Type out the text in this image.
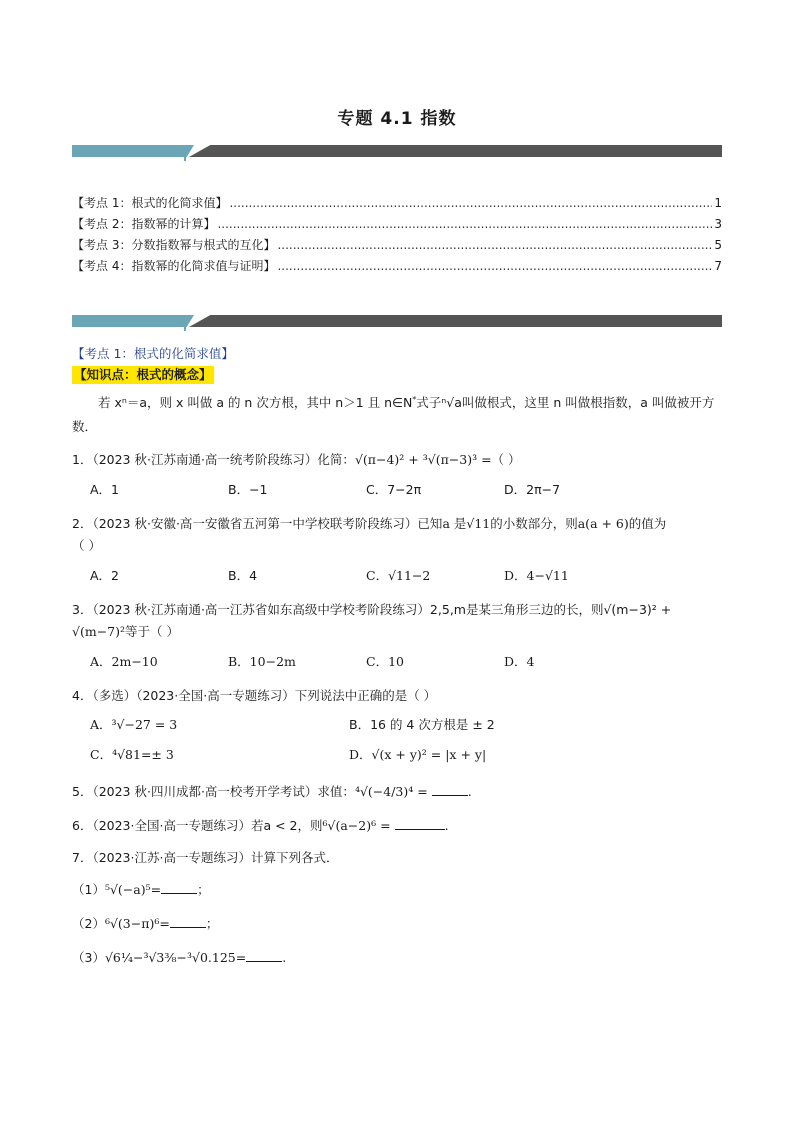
专题 4.1 指数
【考点 1：根式的化简求值】 .....	1
【考点 2：指数幂的计算】 .....	3
【考点 3：分数指数幂与根式的互化】 .....	5
【考点 4：指数幂的化简求值与证明】 .....	7
【考点 1：根式的化简求值】
【知识点：根式的概念】
若 xⁿ＝a，则 x 叫做 a 的 n 次方根，其中 n＞1 且 n∈N*式子ⁿ√a叫做根式，这里 n 叫做根指数，a 叫做被开方数．
1．（2023 秋·江苏南通·高一统考阶段练习）化简：√(π−4)² + ³√(π−3)³ =（ ）
A．1	B．−1	C．7−2π	D．2π−7
2．（2023 秋·安徽·高一安徽省五河第一中学校联考阶段练习）已知a 是√11的小数部分，则a(a + 6)的值为
（ ）
A．2	B．4	C．√11−2	D．4−√11
3．（2023 秋·江苏南通·高一江苏省如东高级中学校考阶段练习）2,5,m是某三角形三边的长，则√(m−3)² +
√(m−7)²等于（ ）
A．2m−10	B．10−2m	C．10	D．4
4．（多选）（2023·全国·高一专题练习）下列说法中正确的是（ ）
A．³√−27 = 3	B．16 的 4 次方根是 ± 2
C．⁴√81=± 3	D．√(x + y)² = |x + y|
5．（2023 秋·四川成都·高一校考开学考试）求值：⁴√(−4/3)⁴ =	.
6．（2023·全国·高一专题练习）若a < 2，则⁶√(a−2)⁶ =	.
7．（2023·江苏·高一专题练习）计算下列各式．
（1）⁵√(−a)⁵=	；
（2）⁶√(3−π)⁶=	；
（3）√6¼−³√3⅜−³√0.125=	.
